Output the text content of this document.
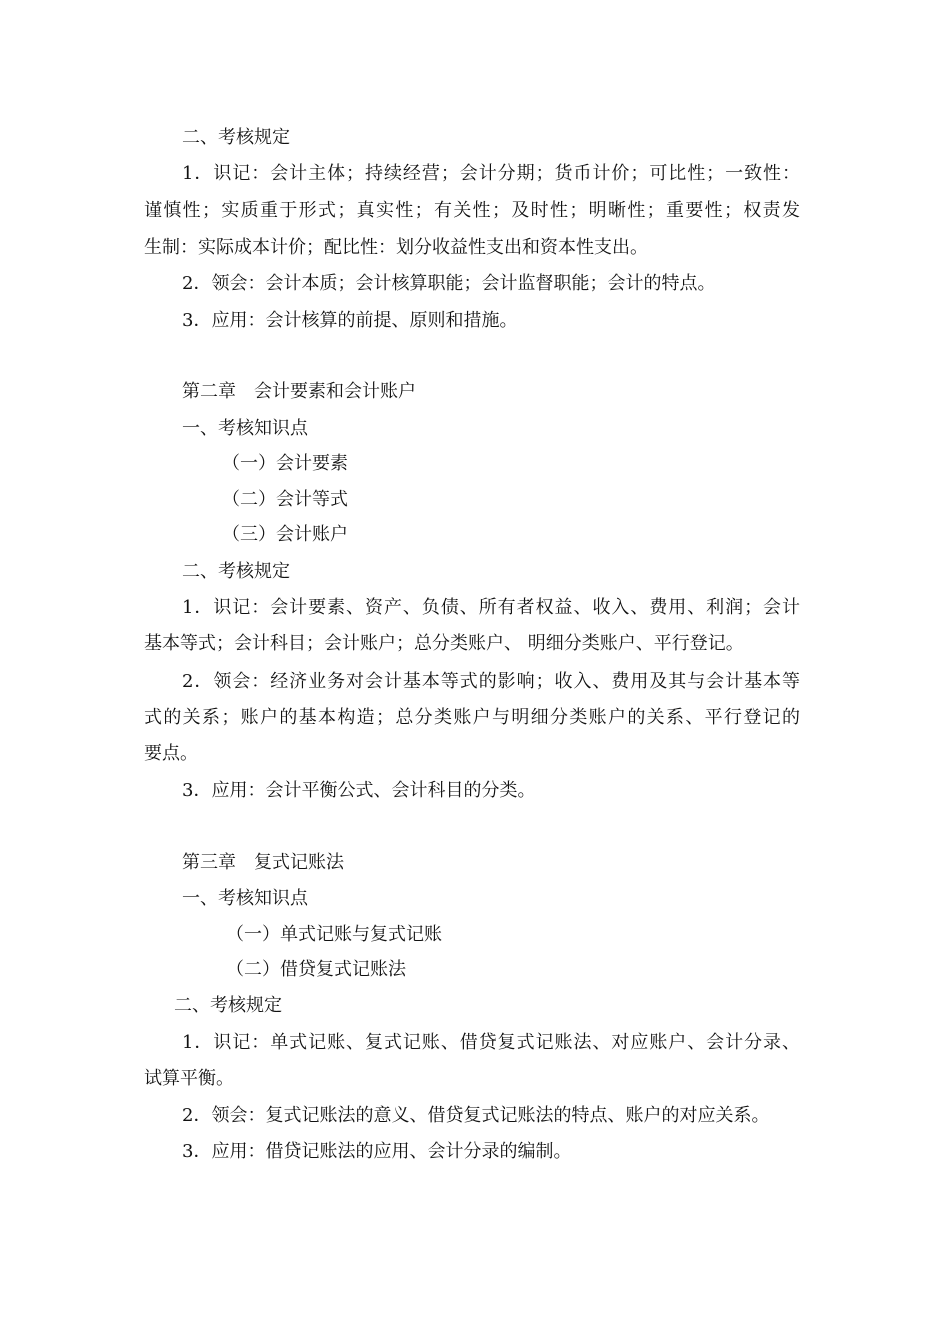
二、考核规定

1．识记：会计主体；持续经营；会计分期；货币计价；可比性；一致性：

谨慎性；实质重于形式；真实性；有关性；及时性；明晰性；重要性；权责发

生制：实际成本计价；配比性：划分收益性支出和资本性支出。

2．领会：会计本质；会计核算职能；会计监督职能；会计的特点。

3．应用：会计核算的前提、原则和措施。

第二章　会计要素和会计账户

一、考核知识点

（一）会计要素

（二）会计等式

（三）会计账户

二、考核规定

1．识记：会计要素、资产、负债、所有者权益、收入、费用、利润；会计

基本等式；会计科目；会计账户；总分类账户、 明细分类账户、平行登记。

2．领会：经济业务对会计基本等式的影响；收入、费用及其与会计基本等

式的关系；账户的基本构造；总分类账户与明细分类账户的关系、平行登记的

要点。

3．应用：会计平衡公式、会计科目的分类。

第三章　复式记账法

一、考核知识点

（一）单式记账与复式记账

（二）借贷复式记账法

二、考核规定

1．识记：单式记账、复式记账、借贷复式记账法、对应账户、会计分录、

试算平衡。

2．领会：复式记账法的意义、借贷复式记账法的特点、账户的对应关系。

3．应用：借贷记账法的应用、会计分录的编制。
